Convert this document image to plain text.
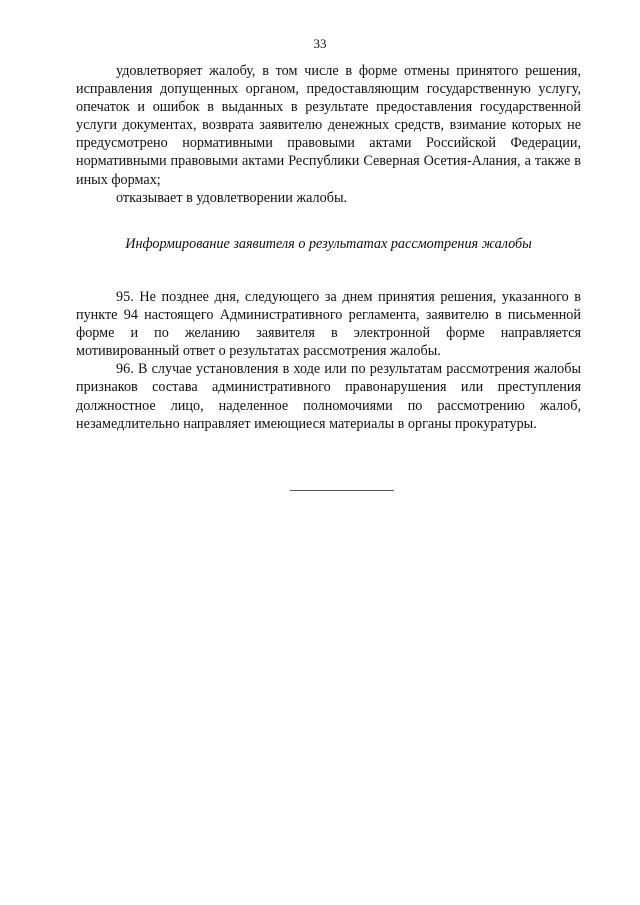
33

удовлетворяет жалобу, в том числе в форме отмены принятого решения, исправления допущенных органом, предоставляющим государственную услугу, опечаток и ошибок в выданных в результате предоставления государственной услуги документах, возврата заявителю денежных средств, взимание которых не предусмотрено нормативными правовыми актами Российской Федерации, нормативными правовыми актами Республики Северная Осетия-Алания, а также в иных формах;

отказывает в удовлетворении жалобы.

Информирование заявителя о результатах рассмотрения жалобы

95. Не позднее дня, следующего за днем принятия решения, указанного в пункте 94 настоящего Административного регламента, заявителю в письменной форме и по желанию заявителя в электронной форме направляется мотивированный ответ о результатах рассмотрения жалобы.

96. В случае установления в ходе или по результатам рассмотрения жалобы признаков состава административного правонарушения или преступления должностное лицо, наделенное полномочиями по рассмотрению жалоб, незамедлительно направляет имеющиеся материалы в органы прокуратуры.
